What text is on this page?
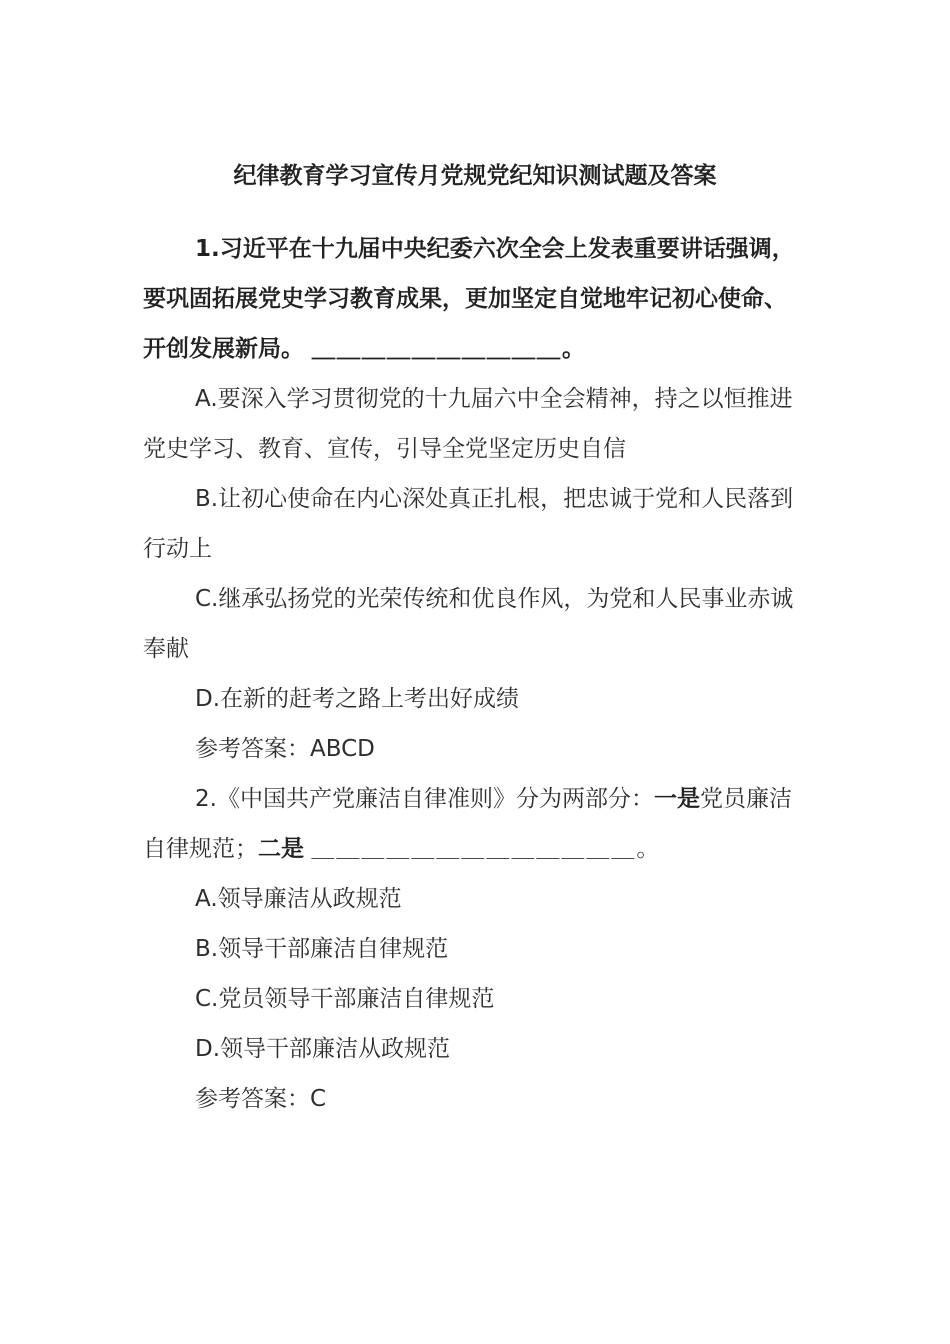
纪律教育学习宣传月党规党纪知识测试题及答案

1.习近平在十九届中央纪委六次全会上发表重要讲话强调，要巩固拓展党史学习教育成果，更加坚定自觉地牢记初心使命、开创发展新局。 ＿＿＿＿＿＿＿＿＿＿。

A.要深入学习贯彻党的十九届六中全会精神，持之以恒推进党史学习、教育、宣传，引导全党坚定历史自信

B.让初心使命在内心深处真正扎根，把忠诚于党和人民落到行动上

C.继承弘扬党的光荣传统和优良作风，为党和人民事业赤诚奉献

D.在新的赶考之路上考出好成绩

参考答案：ABCD

2.《中国共产党廉洁自律准则》分为两部分：一是党员廉洁自律规范；二是 ＿＿＿＿＿＿＿＿＿＿＿＿＿。

A.领导廉洁从政规范

B.领导干部廉洁自律规范

C.党员领导干部廉洁自律规范

D.领导干部廉洁从政规范

参考答案：C
